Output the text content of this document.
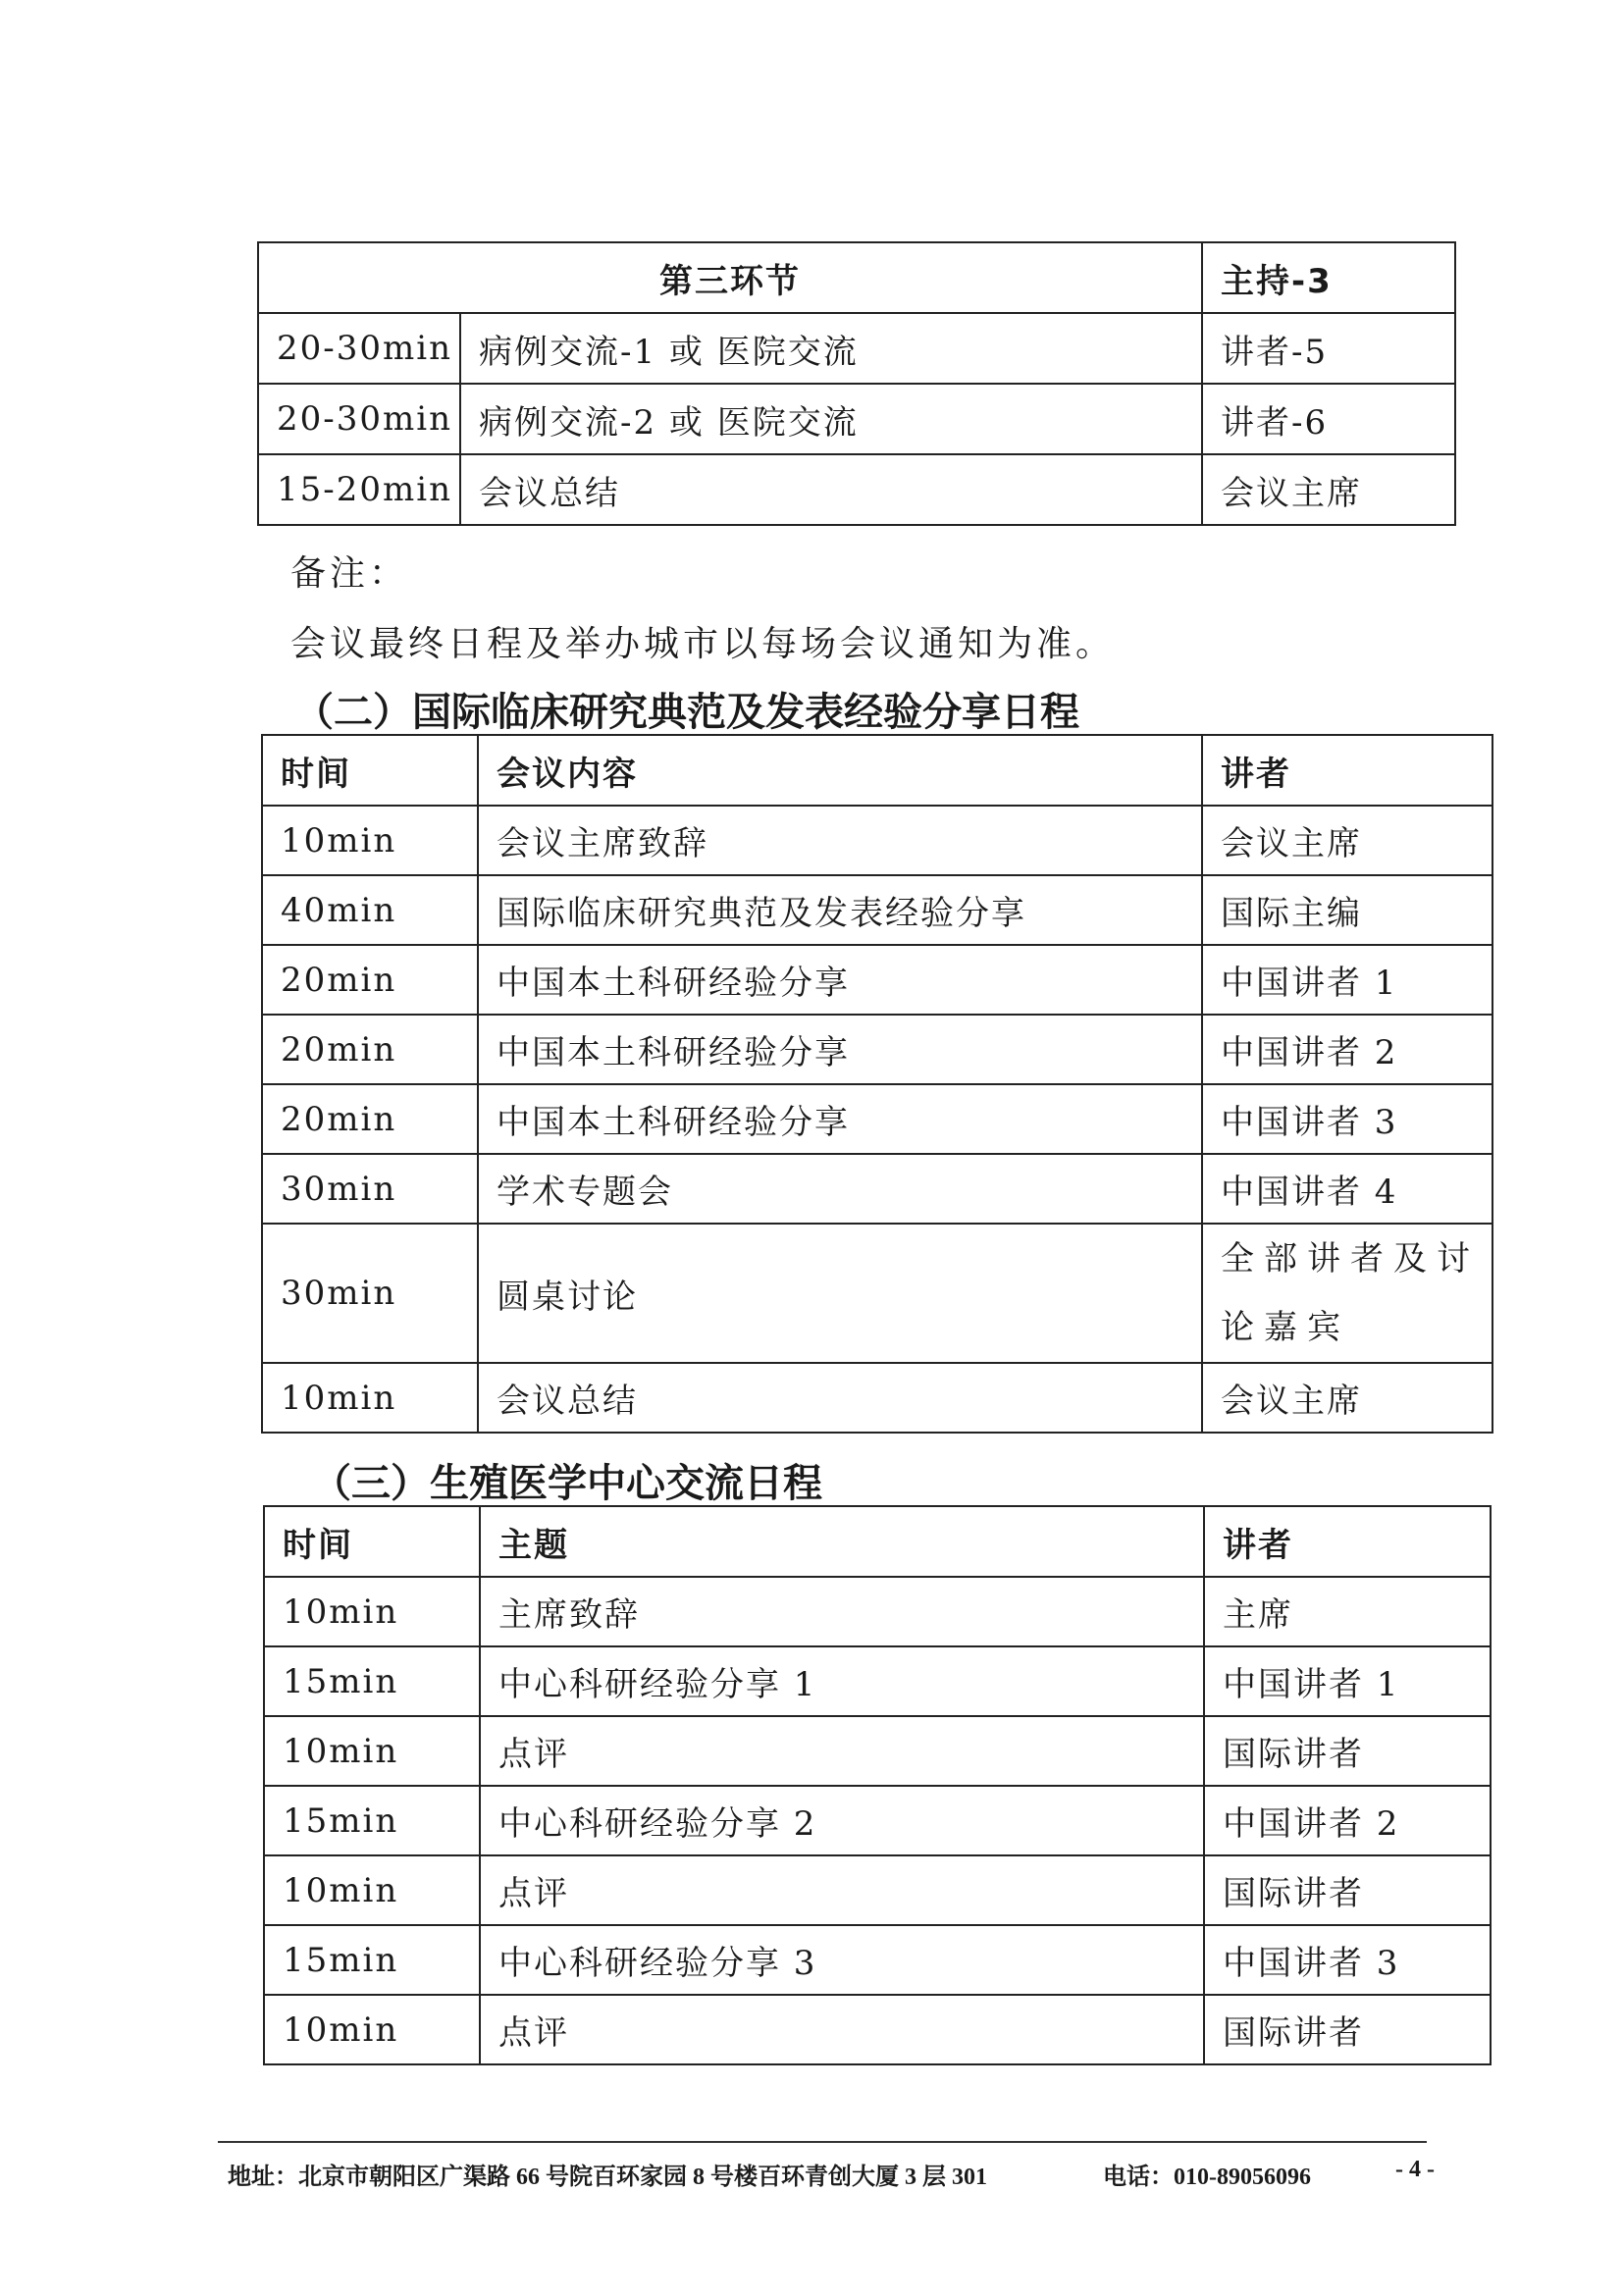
第三环节		主持-3
20-30min	病例交流-1 或 医院交流	讲者-5
20-30min	病例交流-2 或 医院交流	讲者-6
15-20min	会议总结	会议主席
备注：
会议最终日程及举办城市以每场会议通知为准。
（二）国际临床研究典范及发表经验分享日程
时间	会议内容	讲者
10min	会议主席致辞	会议主席
40min	国际临床研究典范及发表经验分享	国际主编
20min	中国本土科研经验分享	中国讲者 1
20min	中国本土科研经验分享	中国讲者 2
20min	中国本土科研经验分享	中国讲者 3
30min	学术专题会	中国讲者 4
30min	圆桌讨论	全部讲者及讨论嘉宾
10min	会议总结	会议主席
（三）生殖医学中心交流日程
时间	主题	讲者
10min	主席致辞	主席
15min	中心科研经验分享 1	中国讲者 1
10min	点评	国际讲者
15min	中心科研经验分享 2	中国讲者 2
10min	点评	国际讲者
15min	中心科研经验分享 3	中国讲者 3
10min	点评	国际讲者
地址：北京市朝阳区广渠路 66 号院百环家园 8 号楼百环青创大厦 3 层 301	电话：010-89056096	- 4 -
